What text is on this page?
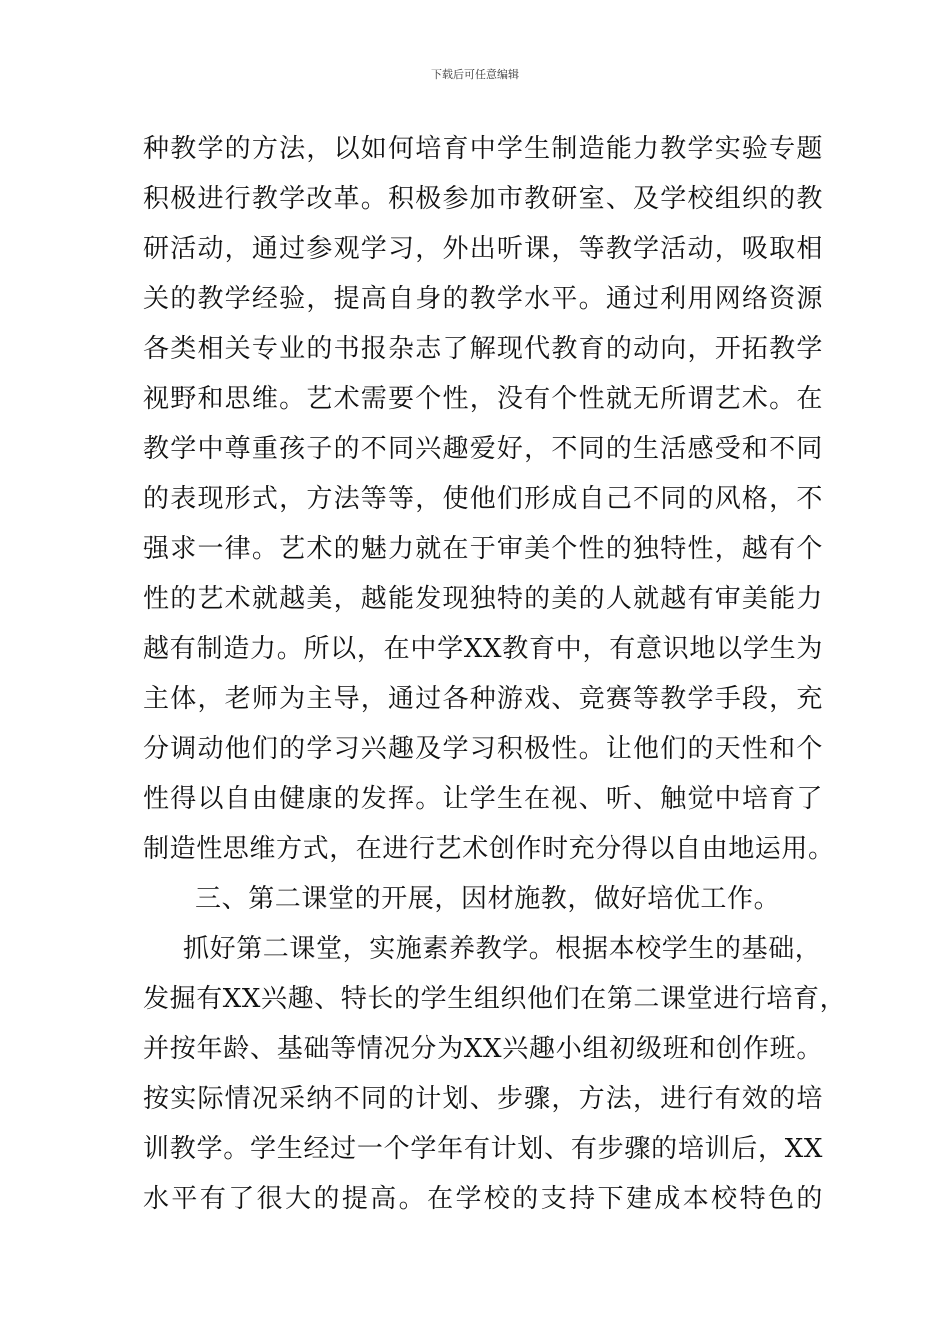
下载后可任意编辑
种教学的方法，以如何培育中学生制造能力教学实验专题
积极进行教学改革。积极参加市教研室、及学校组织的教
研活动，通过参观学习，外出听课，等教学活动，吸取相
关的教学经验，提高自身的教学水平。通过利用网络资源
各类相关专业的书报杂志了解现代教育的动向，开拓教学
视野和思维。艺术需要个性，没有个性就无所谓艺术。在
教学中尊重孩子的不同兴趣爱好，不同的生活感受和不同
的表现形式，方法等等，使他们形成自己不同的风格，不
强求一律。艺术的魅力就在于审美个性的独特性，越有个
性的艺术就越美，越能发现独特的美的人就越有审美能力
越有制造力。所以，在中学XX教育中，有意识地以学生为
主体，老师为主导，通过各种游戏、竞赛等教学手段，充
分调动他们的学习兴趣及学习积极性。让他们的天性和个
性得以自由健康的发挥。让学生在视、听、触觉中培育了
制造性思维方式，在进行艺术创作时充分得以自由地运用。
三、第二课堂的开展，因材施教，做好培优工作。
抓好第二课堂，实施素养教学。根据本校学生的基础，
发掘有XX兴趣、特长的学生组织他们在第二课堂进行培育，
并按年龄、基础等情况分为XX兴趣小组初级班和创作班。
按实际情况采纳不同的计划、步骤，方法，进行有效的培
训教学。学生经过一个学年有计划、有步骤的培训后，XX
水平有了很大的提高。在学校的支持下建成本校特色的
